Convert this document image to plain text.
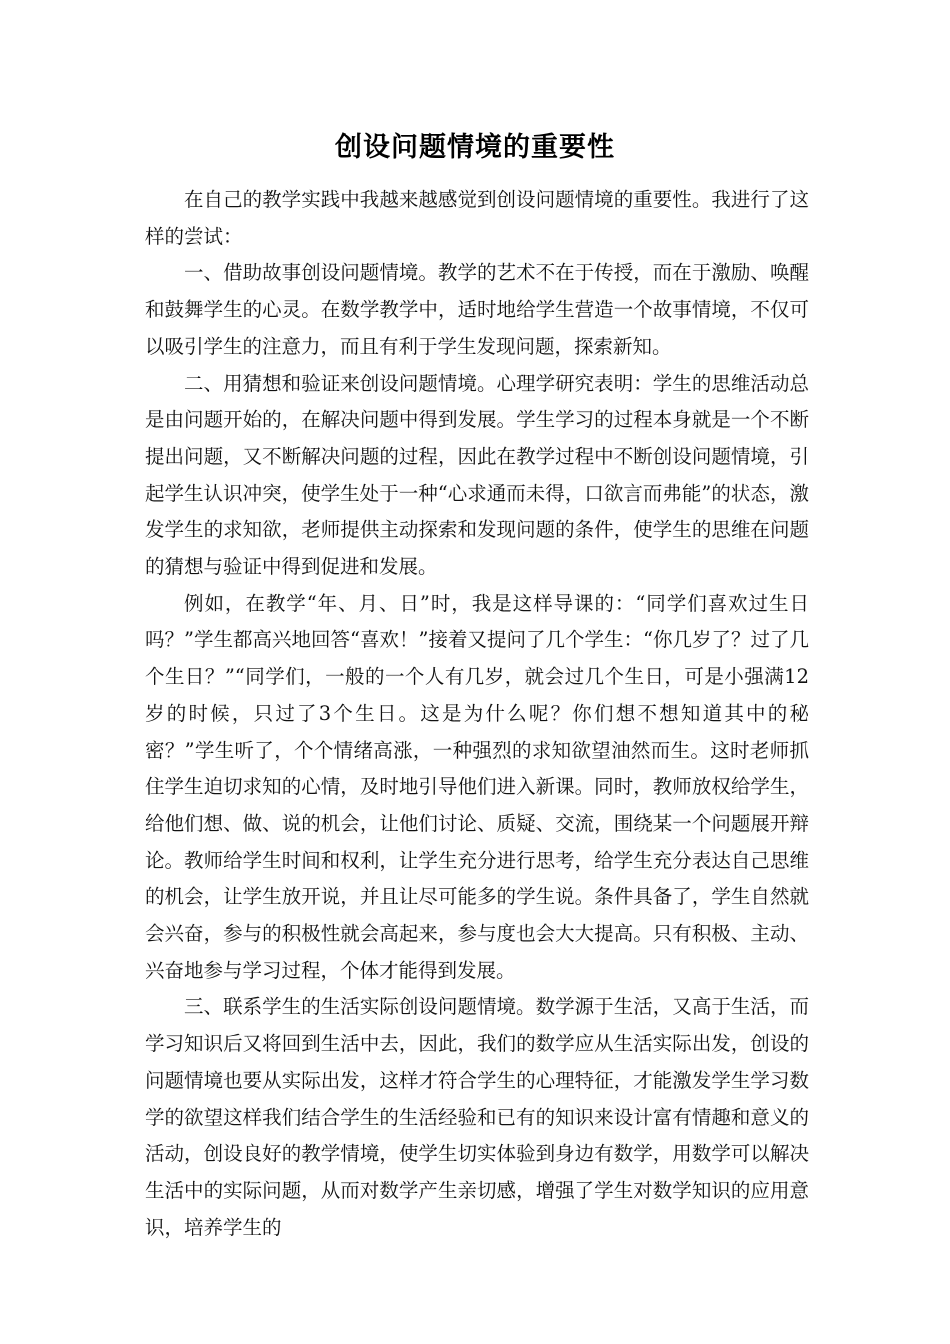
创设问题情境的重要性

在自己的教学实践中我越来越感觉到创设问题情境的重要性。我进行了这样的尝试：

一、借助故事创设问题情境。教学的艺术不在于传授，而在于激励、唤醒和鼓舞学生的心灵。在数学教学中，适时地给学生营造一个故事情境，不仅可以吸引学生的注意力，而且有利于学生发现问题，探索新知。

二、用猜想和验证来创设问题情境。心理学研究表明：学生的思维活动总是由问题开始的，在解决问题中得到发展。学生学习的过程本身就是一个不断提出问题，又不断解决问题的过程，因此在教学过程中不断创设问题情境，引起学生认识冲突，使学生处于一种“心求通而未得，口欲言而弗能”的状态，激发学生的求知欲，老师提供主动探索和发现问题的条件，使学生的思维在问题的猜想与验证中得到促进和发展。

例如，在教学“年、月、日”时，我是这样导课的：“同学们喜欢过生日吗？”学生都高兴地回答“喜欢！”接着又提问了几个学生：“你几岁了？过了几个生日？”“同学们，一般的一个人有几岁，就会过几个生日，可是小强满12岁的时候，只过了3个生日。这是为什么呢？你们想不想知道其中的秘密？”学生听了，个个情绪高涨，一种强烈的求知欲望油然而生。这时老师抓住学生迫切求知的心情，及时地引导他们进入新课。同时，教师放权给学生，给他们想、做、说的机会，让他们讨论、质疑、交流，围绕某一个问题展开辩论。教师给学生时间和权利，让学生充分进行思考，给学生充分表达自己思维的机会，让学生放开说，并且让尽可能多的学生说。条件具备了，学生自然就会兴奋，参与的积极性就会高起来，参与度也会大大提高。只有积极、主动、兴奋地参与学习过程，个体才能得到发展。

三、联系学生的生活实际创设问题情境。数学源于生活，又高于生活，而学习知识后又将回到生活中去，因此，我们的数学应从生活实际出发，创设的问题情境也要从实际出发，这样才符合学生的心理特征，才能激发学生学习数学的欲望这样我们结合学生的生活经验和已有的知识来设计富有情趣和意义的活动，创设良好的教学情境，使学生切实体验到身边有数学，用数学可以解决生活中的实际问题，从而对数学产生亲切感，增强了学生对数学知识的应用意识，培养学生的
